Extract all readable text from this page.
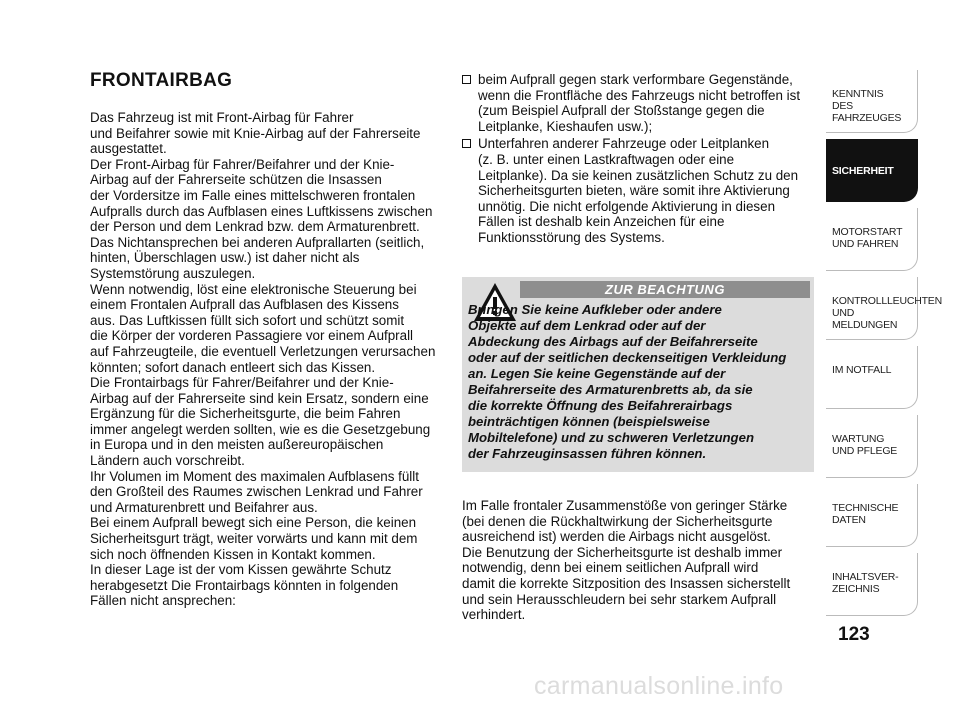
FRONTAIRBAG

Das Fahrzeug ist mit Front-Airbag für Fahrer
und Beifahrer sowie mit Knie-Airbag auf der Fahrerseite
ausgestattet.
Der Front-Airbag für Fahrer/Beifahrer und der Knie-
Airbag auf der Fahrerseite schützen die Insassen
der Vordersitze im Falle eines mittelschweren frontalen
Aufpralls durch das Aufblasen eines Luftkissens zwischen
der Person und dem Lenkrad bzw. dem Armaturenbrett.
Das Nichtansprechen bei anderen Aufprallarten (seitlich,
hinten, Überschlagen usw.) ist daher nicht als
Systemstörung auszulegen.
Wenn notwendig, löst eine elektronische Steuerung bei
einem Frontalen Aufprall das Aufblasen des Kissens
aus. Das Luftkissen füllt sich sofort und schützt somit
die Körper der vorderen Passagiere vor einem Aufprall
auf Fahrzeugteile, die eventuell Verletzungen verursachen
könnten; sofort danach entleert sich das Kissen.
Die Frontairbags für Fahrer/Beifahrer und der Knie-
Airbag auf der Fahrerseite sind kein Ersatz, sondern eine
Ergänzung für die Sicherheitsgurte, die beim Fahren
immer angelegt werden sollten, wie es die Gesetzgebung
in Europa und in den meisten außereuropäischen
Ländern auch vorschreibt.
Ihr Volumen im Moment des maximalen Aufblasens füllt
den Großteil des Raumes zwischen Lenkrad und Fahrer
und Armaturenbrett und Beifahrer aus.
Bei einem Aufprall bewegt sich eine Person, die keinen
Sicherheitsgurt trägt, weiter vorwärts und kann mit dem
sich noch öffnenden Kissen in Kontakt kommen.
In dieser Lage ist der vom Kissen gewährte Schutz
herabgesetzt Die Frontairbags könnten in folgenden
Fällen nicht ansprechen:

beim Aufprall gegen stark verformbare Gegenstände,
wenn die Frontfläche des Fahrzeugs nicht betroffen ist
(zum Beispiel Aufprall der Stoßstange gegen die
Leitplanke, Kieshaufen usw.);
Unterfahren anderer Fahrzeuge oder Leitplanken
(z. B. unter einen Lastkraftwagen oder eine
Leitplanke). Da sie keinen zusätzlichen Schutz zu den
Sicherheitsgurten bieten, wäre somit ihre Aktivierung
unnötig. Die nicht erfolgende Aktivierung in diesen
Fällen ist deshalb kein Anzeichen für eine
Funktionsstörung des Systems.
ZUR BEACHTUNG

Bringen Sie keine Aufkleber oder andere
Objekte auf dem Lenkrad oder auf der
Abdeckung des Airbags auf der Beifahrerseite
oder auf der seitlichen deckenseitigen Verkleidung
an. Legen Sie keine Gegenstände auf der
Beifahrerseite des Armaturenbretts ab, da sie
die korrekte Öffnung des Beifahrerairbags
beinträchtigen können (beispielsweise
Mobiltelefone) und zu schweren Verletzungen
der Fahrzeuginsassen führen können.

Im Falle frontaler Zusammenstöße von geringer Stärke
(bei denen die Rückhaltwirkung der Sicherheitsgurte
ausreichend ist) werden die Airbags nicht ausgelöst.
Die Benutzung der Sicherheitsgurte ist deshalb immer
notwendig, denn bei einem seitlichen Aufprall wird
damit die korrekte Sitzposition des Insassen sicherstellt
und sein Herausschleudern bei sehr starkem Aufprall
verhindert.

KENNTNIS
DES FAHRZEUGES
SICHERHEIT
MOTORSTART
UND FAHREN
KONTROLLLEUCHTEN
UND MELDUNGEN
IM NOTFALL
WARTUNG
UND PFLEGE
TECHNISCHE
DATEN
INHALTSVER-
ZEICHNIS

123

carmanualsonline.info
